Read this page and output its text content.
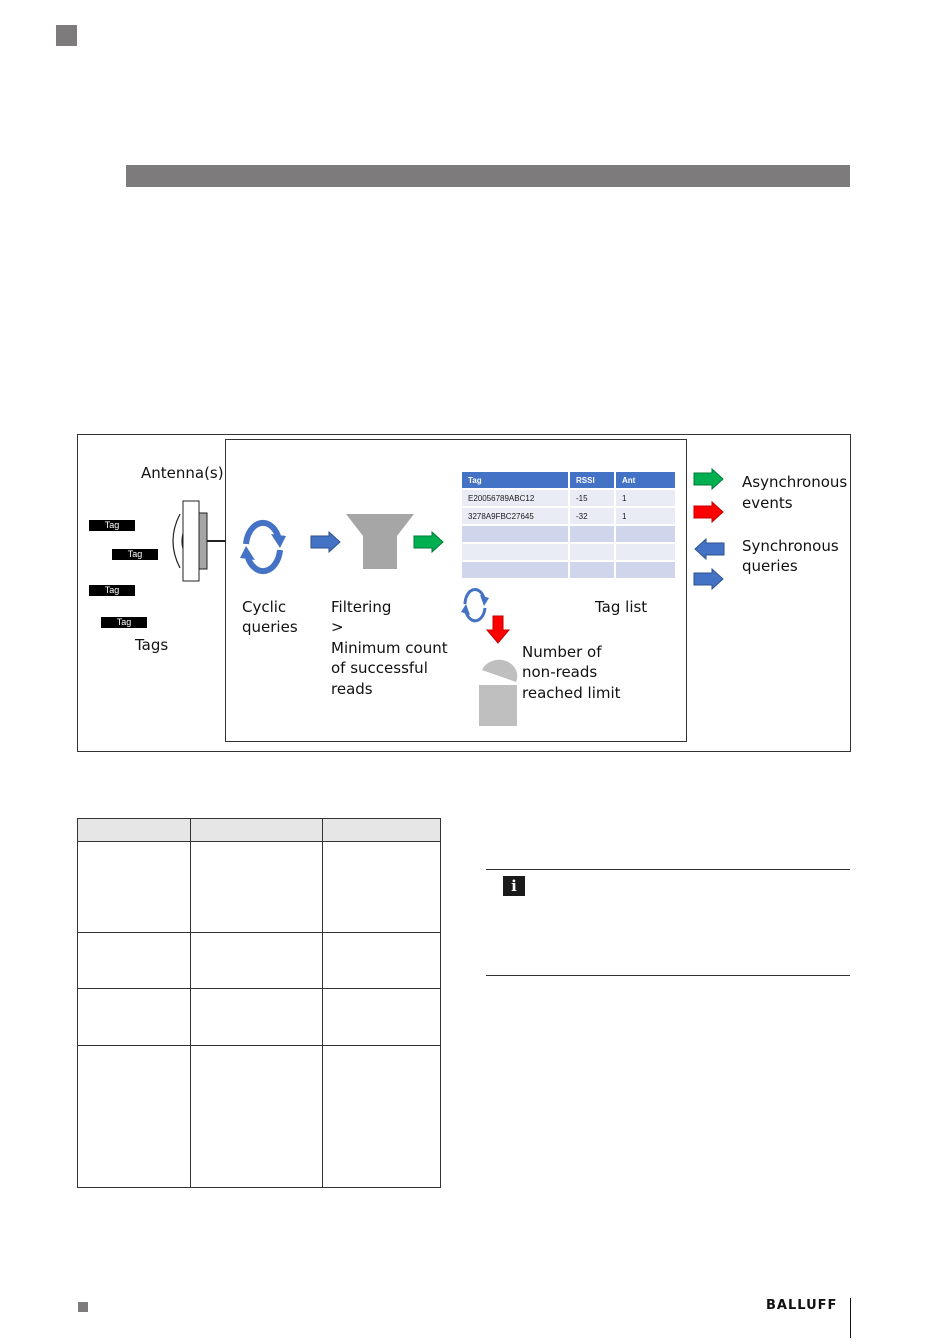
Antenna(s)
Tag
Tag
Tag
Tag
Tags
Cyclic
queries
Filtering
>
Minimum count
of successful
reads
Tag	RSSI	Ant
E20056789ABC12	-15	1
3278A9FBC27645	-32	1

Tag list
Number of
non-reads
reached limit
Asynchronous
events
Synchronous
queries

i
BALLUFF
